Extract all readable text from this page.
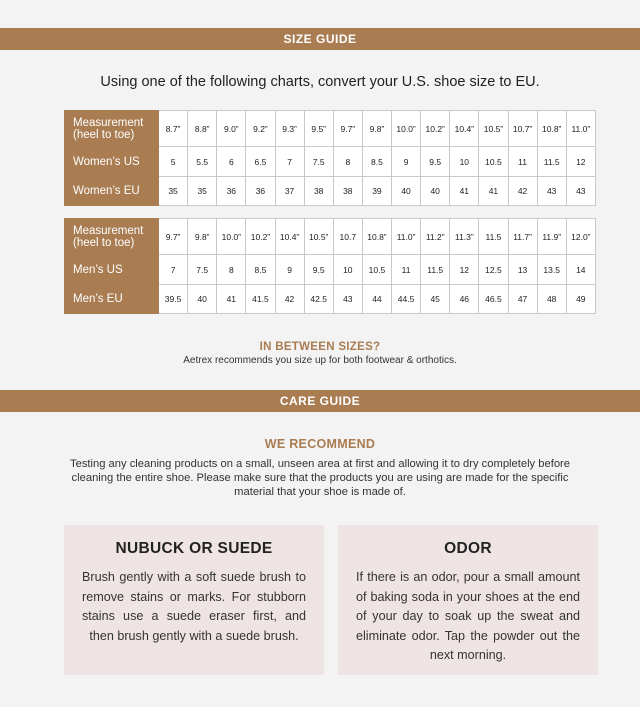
SIZE GUIDE
Using one of the following charts, convert your U.S. shoe size to EU.
Measurement (heel to toe)	8.7”	8.8”	9.0”	9.2”	9.3”	9.5”	9.7”	9.8”	10.0”	10.2”	10.4”	10.5”	10.7”	10.8”	11.0”
Women’s US	5	5.5	6	6.5	7	7.5	8	8.5	9	9.5	10	10.5	11	11.5	12
Women’s EU	35	35	36	36	37	38	38	39	40	40	41	41	42	43	43
Measurement (heel to toe)	9.7”	9.8”	10.0”	10.2”	10.4”	10.5”	10.7	10.8”	11.0”	11.2”	11.3”	11.5	11.7”	11.9”	12.0”
Men’s US	7	7.5	8	8.5	9	9.5	10	10.5	11	11.5	12	12.5	13	13.5	14
Men’s EU	39.5	40	41	41.5	42	42.5	43	44	44.5	45	46	46.5	47	48	49
IN BETWEEN SIZES?
Aetrex recommends you size up for both footwear & orthotics.
CARE GUIDE
WE RECOMMEND
Testing any cleaning products on a small, unseen area at first and allowing it to dry completely before cleaning the entire shoe. Please make sure that the products you are using are made for the specific material that your shoe is made of.
NUBUCK OR SUEDE

Brush gently with a soft suede brush to remove stains or marks. For stubborn stains use a suede eraser first, and then brush gently with a suede brush.

ODOR

If there is an odor, pour a small amount of baking soda in your shoes at the end of your day to soak up the sweat and eliminate odor. Tap the powder out the next morning.
